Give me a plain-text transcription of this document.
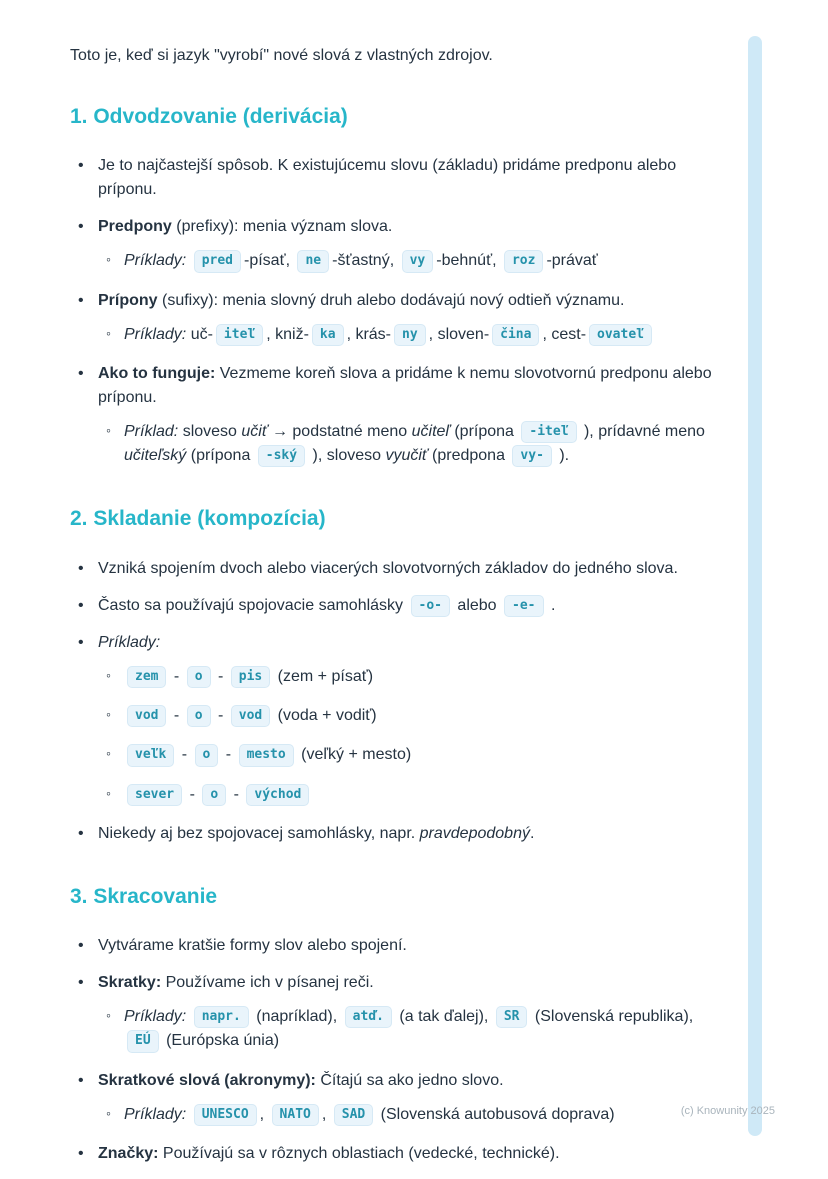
Toto je, keď si jazyk "vyrobí" nové slová z vlastných zdrojov.

1. Odvodzovanie (derivácia)
• Je to najčastejší spôsob. K existujúcemu slovu (základu) pridáme predponu alebo príponu.
• Predpony (prefixy): menia význam slova.
◦ Príklady: pred -písať, ne -šťastný, vy -behnúť, roz -právať
• Prípony (sufixy): menia slovný druh alebo dodávajú nový odtieň významu.
◦ Príklady: uč- iteľ , kniž- ka , krás- ny , sloven- čina , cest- ovateľ
• Ako to funguje: Vezmeme koreň slova a pridáme k nemu slovotvornú predponu alebo príponu.
◦ Príklad: sloveso učiť → podstatné meno učiteľ (prípona -iteľ ), prídavné meno učiteľský (prípona -ský ), sloveso vyučiť (predpona vy- ).
2. Skladanie (kompozícia)
• Vzniká spojením dvoch alebo viacerých slovotvorných základov do jedného slova.
• Často sa používajú spojovacie samohlásky -o- alebo -e- .
• Príklady:
◦	zem - o - pis (zem + písať)
◦	vod - o - vod (voda + vodiť)
◦	veľk - o - mesto (veľký + mesto)
◦	sever - o - východ
• Niekedy aj bez spojovacej samohlásky, napr. pravdepodobný.
3. Skracovanie
• Vytvárame kratšie formy slov alebo spojení.
• Skratky: Používame ich v písanej reči.
◦ Príklady: napr. (napríklad), atď. (a tak ďalej), SR (Slovenská republika), EÚ (Európska únia)
• Skratkové slová (akronymy): Čítajú sa ako jedno slovo.
◦ Príklady: UNESCO , NATO , SAD (Slovenská autobusová doprava)
• Značky: Používajú sa v rôznych oblastiach (vedecké, technické).
(c) Knowunity 2025
